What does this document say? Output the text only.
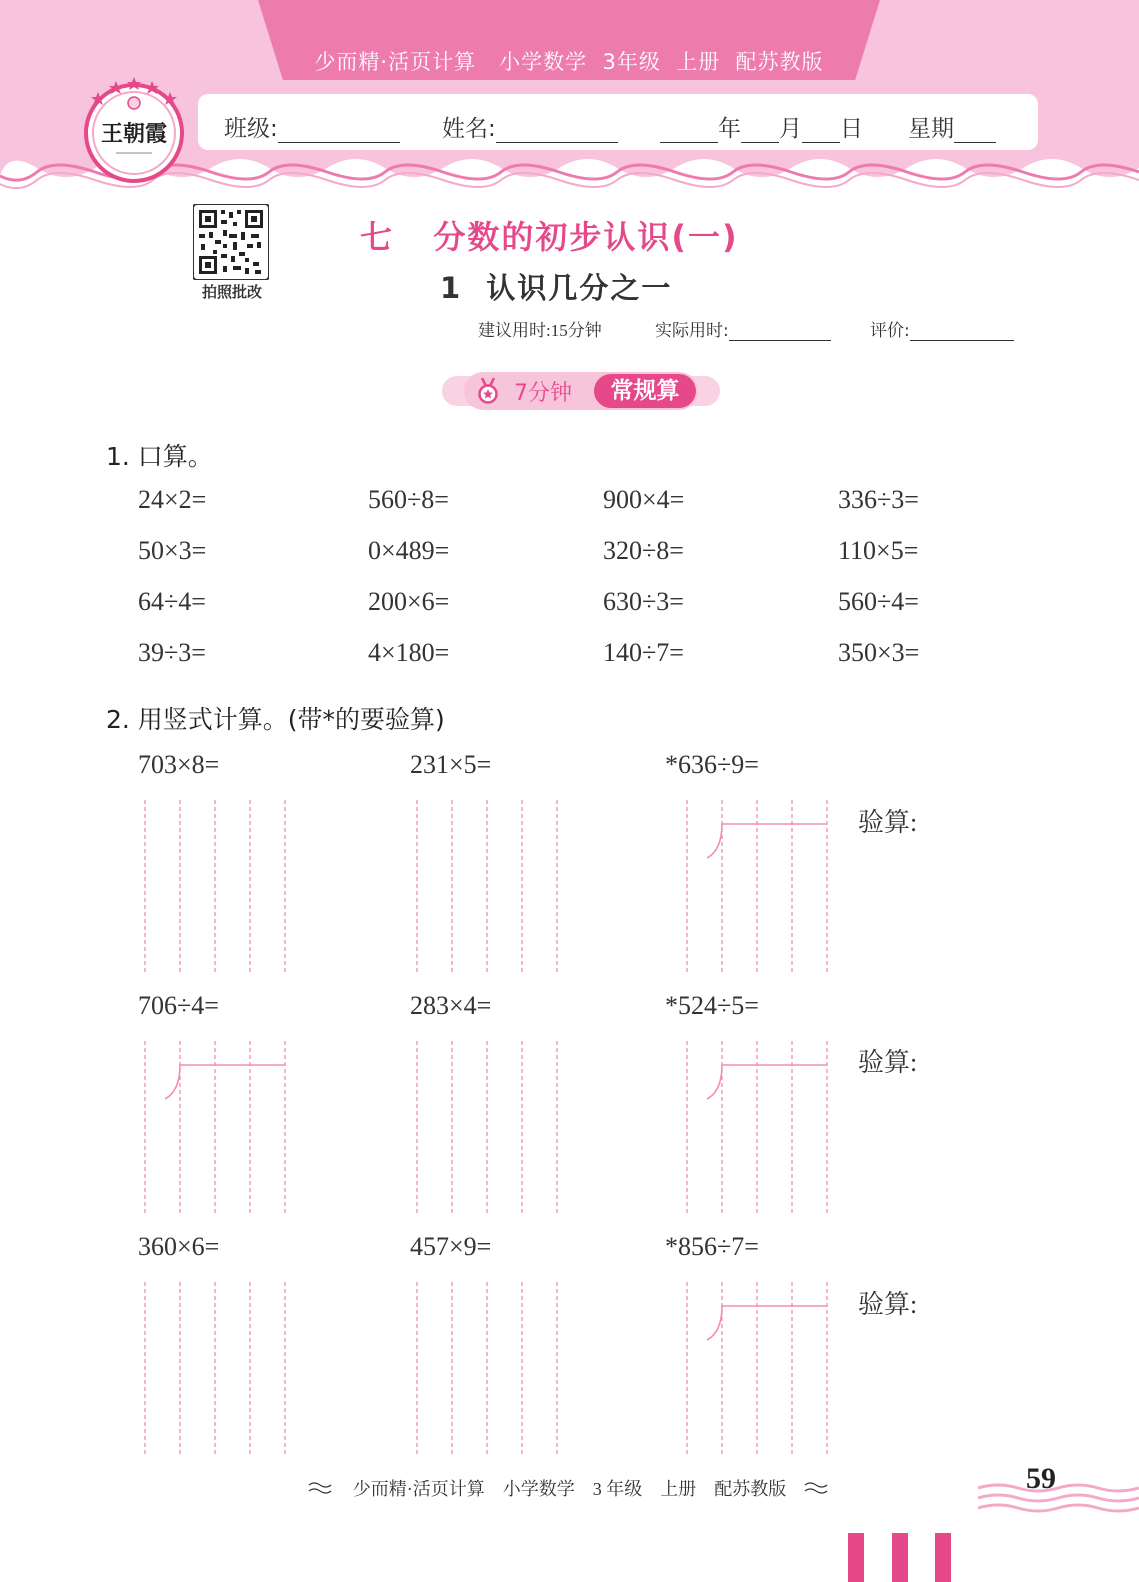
少而精·活页计算   小学数学  3年级  上册  配苏教版
班级:	姓名:	年 月 日 星期
王朝霞
拍照批改
七   分数的初步认识(一)
1  认识几分之一
建议用时:15分钟	实际用时:	评价:
7分钟	常规算
1. 口算。
24×2=	560÷8=	900×4=	336÷3=
50×3=	0×489=	320÷8=	110×5=
64÷4=	200×6=	630÷3=	560÷4=
39÷3=	4×180=	140÷7=	350×3=
2. 用竖式计算。(带*的要验算)
703×8=	231×5=	*636÷9=
验算:
706÷4=	283×4=	*524÷5=
验算:
360×6=	457×9=	*856÷7=
验算:
少而精·活页计算    小学数学    3 年级    上册    配苏教版	59
